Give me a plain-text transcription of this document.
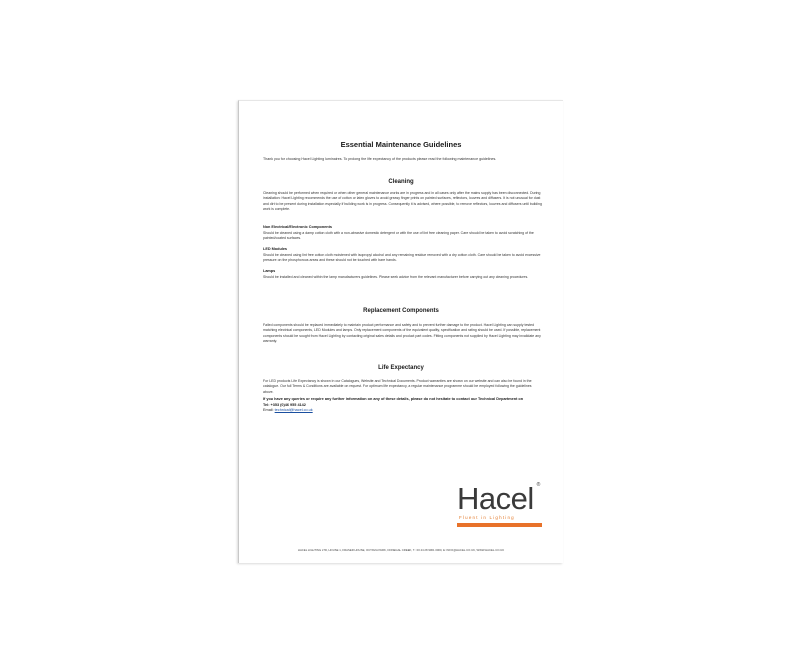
Essential Maintenance Guidelines
Thank you for choosing Hacel Lighting luminaires. To prolong the life expectancy of the products please read the following maintenance guidelines.
Cleaning
Cleaning should be performed when required or when other general maintenance works are in progress and in all cases only after the mains supply has been disconnected. During installation: Hacel Lighting recommends the use of cotton or latex gloves to avoid greasy finger prints on painted surfaces, reflectors, louvres and diffusers. It is not unusual for dust and dirt to be present during installation especially if building work is in progress. Consequently it is advised, where possible, to remove reflectors, louvres and diffusers until building work is complete.
Non Electrical/Electronic Components
Should be cleaned using a damp cotton cloth with a non-abrasive domestic detergent or with the use of lint free cleaning paper. Care should be taken to avoid scratching of the painted/coated surfaces.
LED Modules
Should be cleaned using lint free cotton cloth moistened with isopropyl alcohol and any remaining residue removed with a dry cotton cloth. Care should be taken to avoid excessive pressure on the phosphorous areas and these should not be touched with bare hands.
Lamps
Should be installed and cleaned within the lamp manufacturers guidelines. Please seek advice from the relevant manufacturer before carrying out any cleaning procedures.
Replacement Components
Failed components should be replaced immediately to maintain product performance and safety and to prevent further damage to the product. Hacel Lighting can supply tested matching electrical components, LED Modules and lamps. Only replacement components of the equivalent quality, specification and rating should be used. If possible, replacement components should be sought from Hacel Lighting by contacting original sales details and product part codes. Fitting components not supplied by Hacel Lighting may invalidate any warranty.
Life Expectancy
For LED products Life Expectancy is shown in our Catalogues, Website and Technical Documents. Product warranties are shown on our website and can also be found in the catalogue. Our full Terms & Conditions are available on request. For optimum life expectancy, a regular maintenance programme should be employed following the guidelines above.
If you have any queries or require any further information on any of these details, please do not hesitate to contact our Technical Department on
Tel: +353 (0)46 955 4142
Email: technical@hacel.co.uk
Hacel ®
Fluent in Lighting
HACEL LIGHTING LTD, HOUSE 1, FRASER HOUSE, OCTAVIA PARK, DONEGAL CREEK, T.: 00 44 28 9061 0000, E: INFO@HACEL.CO.UK, WWW.HACEL.CO.UK
